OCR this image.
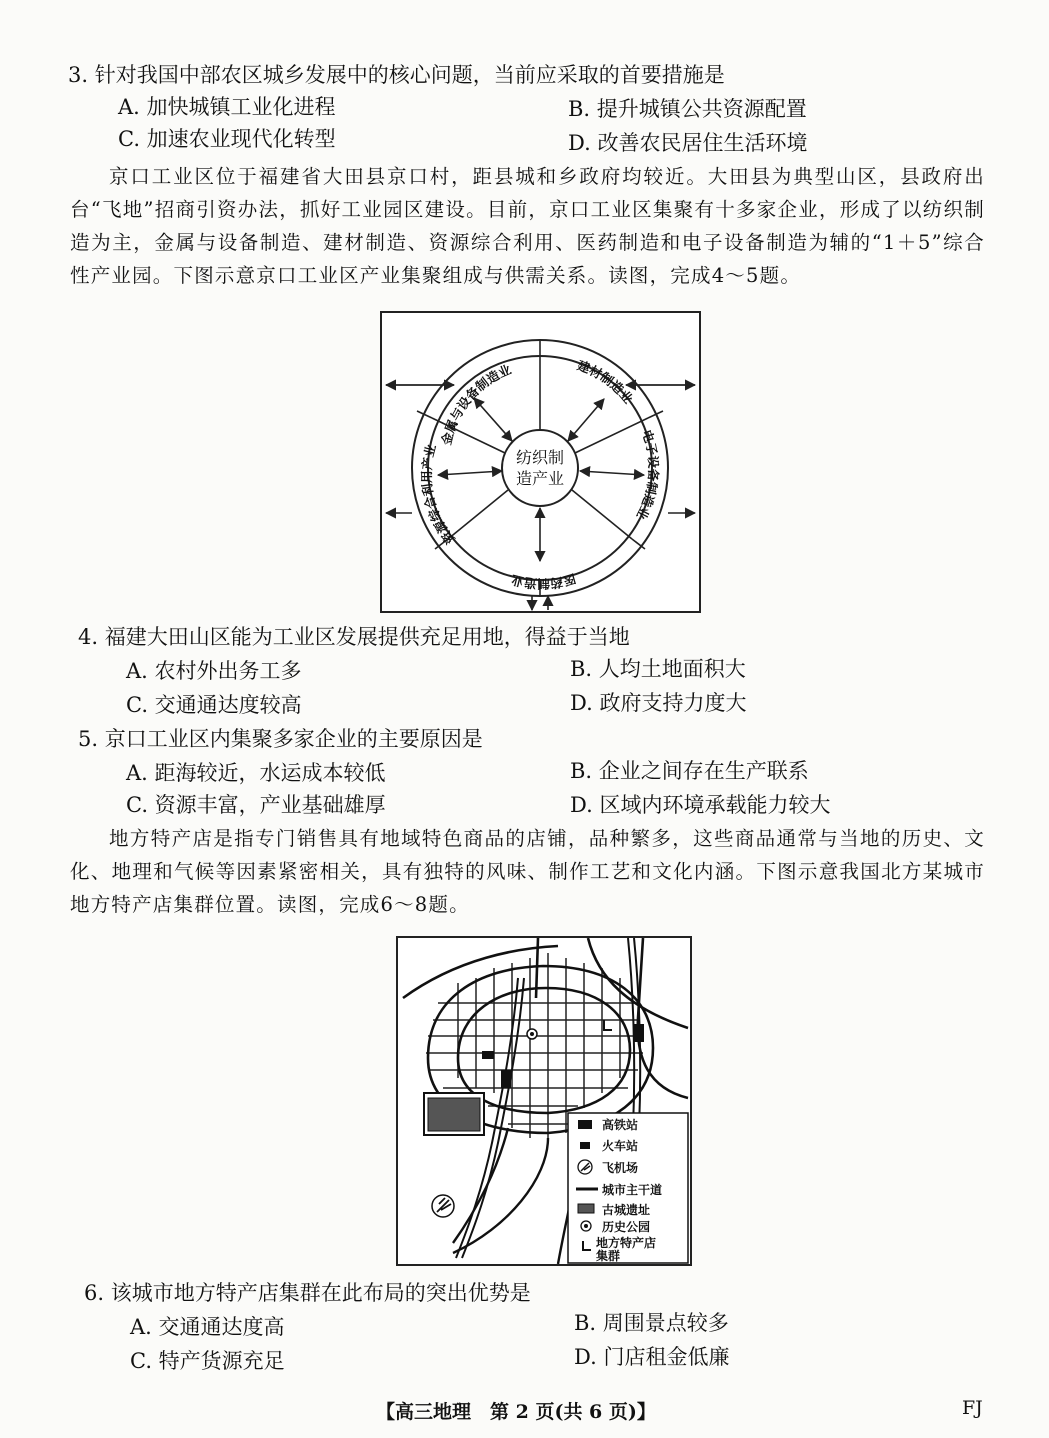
3. 针对我国中部农区城乡发展中的核心问题，当前应采取的首要措施是
A. 加快城镇工业化进程	B. 提升城镇公共资源配置
C. 加速农业现代化转型	D. 改善农民居住生活环境

京口工业区位于福建省大田县京口村，距县城和乡政府均较近。大田县为典型山区，县政府出台“飞地”招商引资办法，抓好工业园区建设。目前，京口工业区集聚有十多家企业，形成了以纺织制造为主，金属与设备制造、建材制造、资源综合利用、医药制造和电子设备制造为辅的“1＋5”综合性产业园。下图示意京口工业区产业集聚组成与供需关系。读图，完成4～5题。

金属与设备制造业	建材制造业
电子设备制造业
医药制造业
资源综合利用产业	纺织制
造产业
4. 福建大田山区能为工业区发展提供充足用地，得益于当地
A. 农村外出务工多	B. 人均土地面积大
C. 交通通达度较高	D. 政府支持力度大
5. 京口工业区内集聚多家企业的主要原因是
A. 距海较近，水运成本较低	B. 企业之间存在生产联系
C. 资源丰富，产业基础雄厚	D. 区域内环境承载能力较大

地方特产店是指专门销售具有地域特色商品的店铺，品种繁多，这些商品通常与当地的历史、文化、地理和气候等因素紧密相关，具有独特的风味、制作工艺和文化内涵。下图示意我国北方某城市地方特产店集群位置。读图，完成6～8题。

高铁站
火车站
飞机场
城市主干道
古城遗址
历史公园
地方特产店
集群
6. 该城市地方特产店集群在此布局的突出优势是
A. 交通通达度高	B. 周围景点较多
C. 特产货源充足	D. 门店租金低廉
【高三地理　第 2 页(共 6 页)】	FJ
